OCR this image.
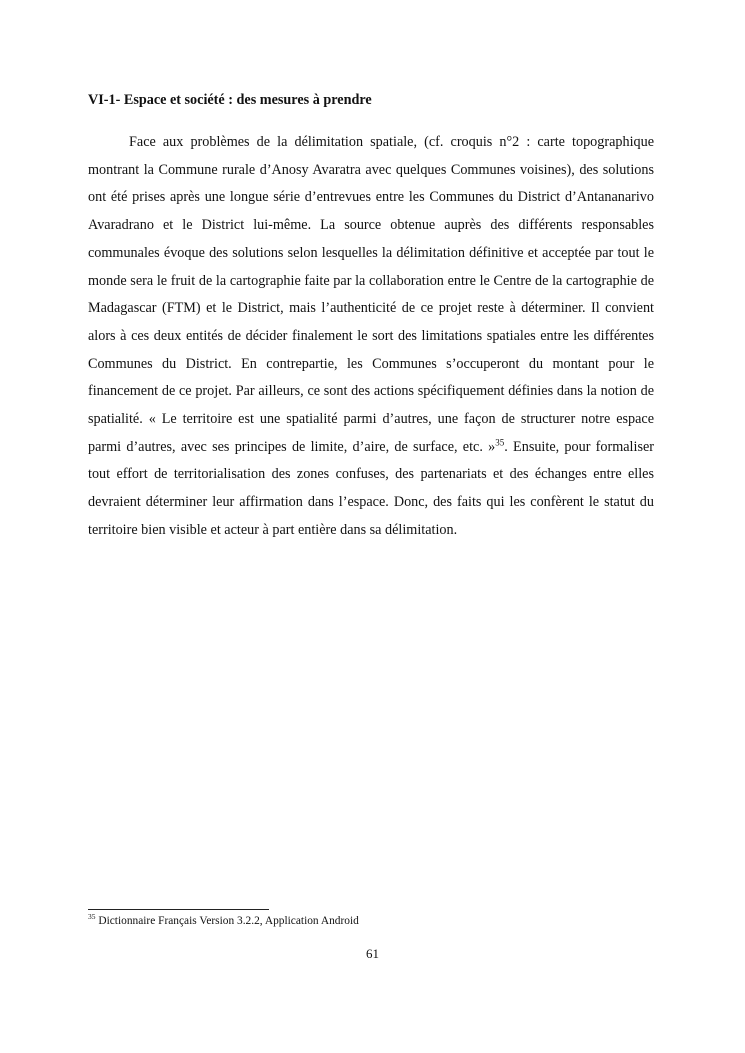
VI-1- Espace et société : des mesures à prendre

Face aux problèmes de la délimitation spatiale, (cf. croquis n°2 : carte topographique montrant la Commune rurale d’Anosy Avaratra avec quelques Communes voisines), des solutions ont été prises après une longue série d’entrevues entre les Communes du District d’Antananarivo Avaradrano et le District lui-même. La source obtenue auprès des différents responsables communales évoque des solutions selon lesquelles la délimitation définitive et acceptée par tout le monde sera le fruit de la cartographie faite par la collaboration entre le Centre de la cartographie de Madagascar (FTM) et le District, mais l’authenticité de ce projet reste à déterminer. Il convient alors à ces deux entités de décider finalement le sort des limitations spatiales entre les différentes Communes du District. En contrepartie, les Communes s’occuperont du montant pour le financement de ce projet. Par ailleurs, ce sont des actions spécifiquement définies dans la notion de spatialité. « Le territoire est une spatialité parmi d’autres, une façon de structurer notre espace parmi d’autres, avec ses principes de limite, d’aire, de surface, etc. »$^{35}$. Ensuite, pour formaliser tout effort de territorialisation des zones confuses, des partenariats et des échanges entre elles devraient déterminer leur affirmation dans l’espace. Donc, des faits qui les confèrent le statut du territoire bien visible et acteur à part entière dans sa délimitation.

$^{35}$ Dictionnaire Français Version 3.2.2, Application Android
61
